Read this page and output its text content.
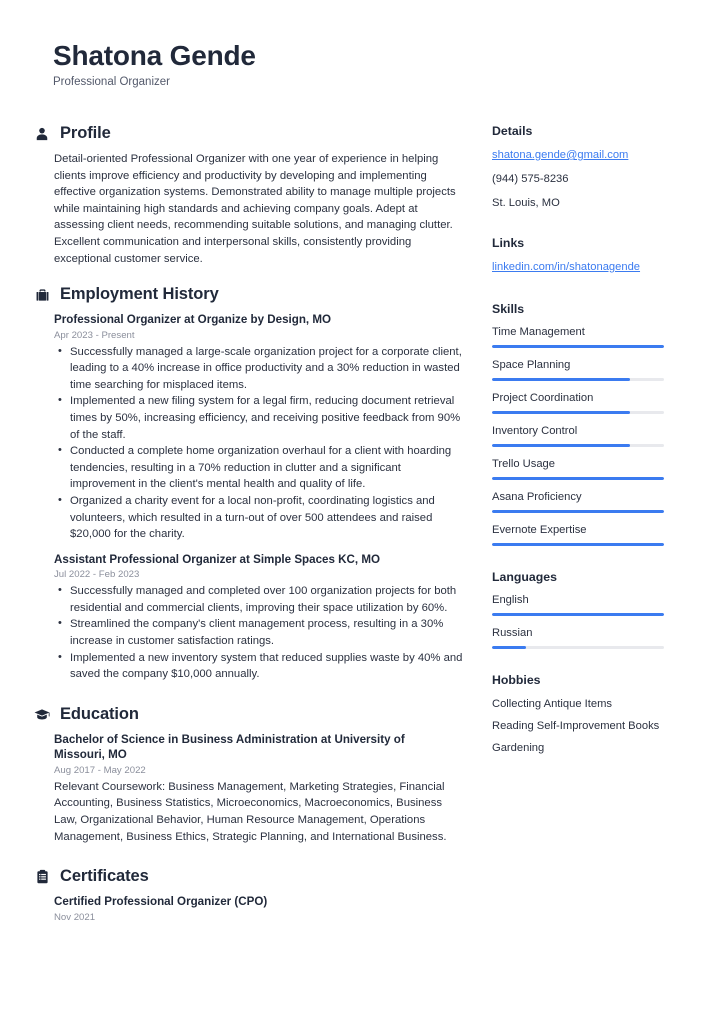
Shatona Gende
Professional Organizer
Profile
Detail-oriented Professional Organizer with one year of experience in helping clients improve efficiency and productivity by developing and implementing effective organization systems. Demonstrated ability to manage multiple projects while maintaining high standards and achieving company goals. Adept at assessing client needs, recommending suitable solutions, and managing clutter. Excellent communication and interpersonal skills, consistently providing exceptional customer service.
Employment History
Professional Organizer at Organize by Design, MO
Apr 2023 - Present
• Successfully managed a large-scale organization project for a corporate client, leading to a 40% increase in office productivity and a 30% reduction in wasted time searching for misplaced items.
• Implemented a new filing system for a legal firm, reducing document retrieval times by 50%, increasing efficiency, and receiving positive feedback from 90% of the staff.
• Conducted a complete home organization overhaul for a client with hoarding tendencies, resulting in a 70% reduction in clutter and a significant improvement in the client's mental health and quality of life.
• Organized a charity event for a local non-profit, coordinating logistics and volunteers, which resulted in a turn-out of over 500 attendees and raised $20,000 for the charity.
Assistant Professional Organizer at Simple Spaces KC, MO
Jul 2022 - Feb 2023
• Successfully managed and completed over 100 organization projects for both residential and commercial clients, improving their space utilization by 60%.
• Streamlined the company's client management process, resulting in a 30% increase in customer satisfaction ratings.
• Implemented a new inventory system that reduced supplies waste by 40% and saved the company $10,000 annually.
Education
Bachelor of Science in Business Administration at University of Missouri, MO
Aug 2017 - May 2022
Relevant Coursework: Business Management, Marketing Strategies, Financial Accounting, Business Statistics, Microeconomics, Macroeconomics, Business Law, Organizational Behavior, Human Resource Management, Operations Management, Business Ethics, Strategic Planning, and International Business.
Certificates
Certified Professional Organizer (CPO)
Nov 2021
Details
shatona.gende@gmail.com
(944) 575-8236
St. Louis, MO
Links
linkedin.com/in/shatonagende
Skills
Time Management
Space Planning
Project Coordination
Inventory Control
Trello Usage
Asana Proficiency
Evernote Expertise
Languages
English
Russian
Hobbies
Collecting Antique Items
Reading Self-Improvement Books
Gardening
